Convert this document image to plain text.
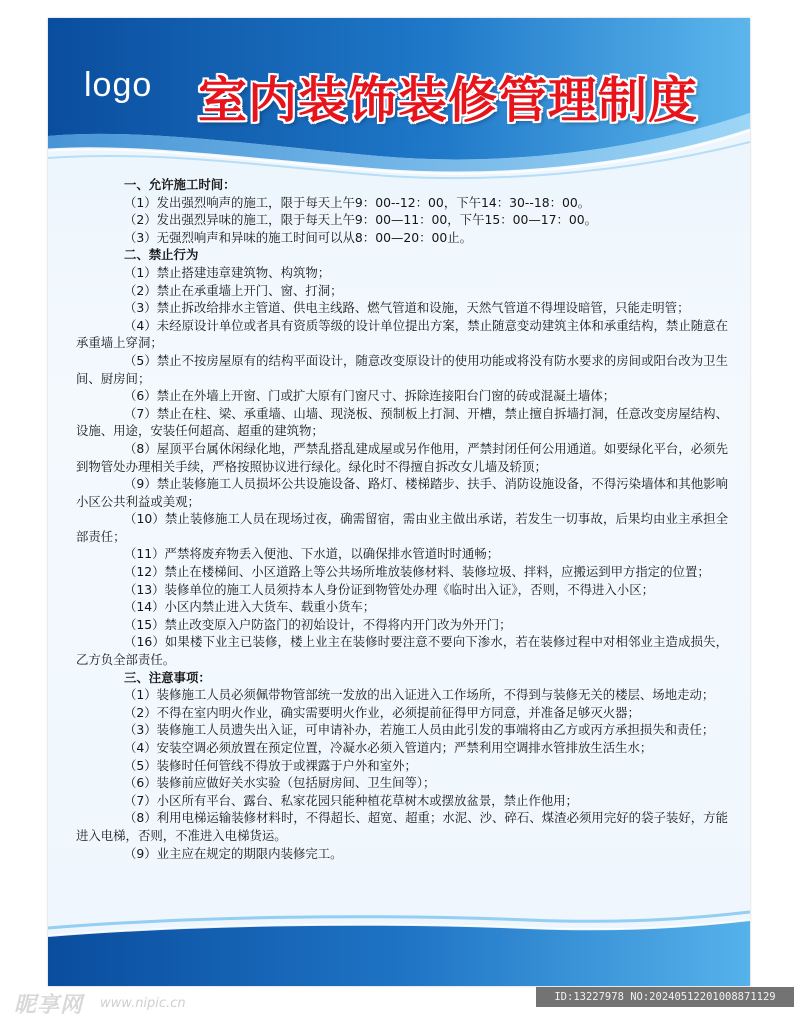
logo 室内装饰装修管理制度
一、允许施工时间：
（1）发出强烈响声的施工，限于每天上午9：00--12：00，下午14：30--18：00。
（2）发出强烈异味的施工，限于每天上午9：00—11：00，下午15：00—17：00。
（3）无强烈响声和异味的施工时间可以从8：00—20：00止。
二、禁止行为
（1）禁止搭建违章建筑物、构筑物；
（2）禁止在承重墙上开门、窗、打洞；
（3）禁止拆改给排水主管道、供电主线路、燃气管道和设施，天然气管道不得埋设暗管，只能走明管；
（4）未经原设计单位或者具有资质等级的设计单位提出方案，禁止随意变动建筑主体和承重结构，禁止随意在承重墙上穿洞；
（5）禁止不按房屋原有的结构平面设计，随意改变原设计的使用功能或将没有防水要求的房间或阳台改为卫生间、厨房间；
（6）禁止在外墙上开窗、门或扩大原有门窗尺寸、拆除连接阳台门窗的砖或混凝土墙体；
（7）禁止在柱、梁、承重墙、山墙、现浇板、预制板上打洞、开槽，禁止擅自拆墙打洞，任意改变房屋结构、设施、用途，安装任何超高、超重的建筑物；
（8）屋顶平台属休闲绿化地，严禁乱搭乱建成屋或另作他用，严禁封闭任何公用通道。如要绿化平台，必须先到物管处办理相关手续，严格按照协议进行绿化。绿化时不得擅自拆改女儿墙及轿顶；
（9）禁止装修施工人员损坏公共设施设备、路灯、楼梯踏步、扶手、消防设施设备，不得污染墙体和其他影响小区公共利益或美观；
（10）禁止装修施工人员在现场过夜，确需留宿，需由业主做出承诺，若发生一切事故，后果均由业主承担全部责任；
（11）严禁将废弃物丢入便池、下水道，以确保排水管道时时通畅；
（12）禁止在楼梯间、小区道路上等公共场所堆放装修材料、装修垃圾、拌料，应搬运到甲方指定的位置；
（13）装修单位的施工人员须持本人身份证到物管处办理《临时出入证》，否则，不得进入小区；
（14）小区内禁止进入大货车、载重小货车；
（15）禁止改变原入户防盗门的初始设计，不得将内开门改为外开门；
（16）如果楼下业主已装修，楼上业主在装修时要注意不要向下渗水，若在装修过程中对相邻业主造成损失，乙方负全部责任。
三、注意事项：
（1）装修施工人员必须佩带物管部统一发放的出入证进入工作场所，不得到与装修无关的楼层、场地走动；
（2）不得在室内明火作业，确实需要明火作业，必须提前征得甲方同意，并准备足够灭火器；
（3）装修施工人员遗失出入证，可申请补办，若施工人员由此引发的事端将由乙方或丙方承担损失和责任；
（4）安装空调必须放置在预定位置，冷凝水必须入管道内；严禁利用空调排水管排放生活生水；
（5）装修时任何管线不得放于或裸露于户外和室外；
（6）装修前应做好关水实验（包括厨房间、卫生间等）；
（7）小区所有平台、露台、私家花园只能种植花草树木或摆放盆景，禁止作他用；
（8）利用电梯运输装修材料时，不得超长、超宽、超重；水泥、沙、碎石、煤渣必须用完好的袋子装好，方能进入电梯，否则，不准进入电梯货运。
（9）业主应在规定的期限内装修完工。
昵享网 www.nipic.cn	ID:13227978 NO:20240512201008871129
